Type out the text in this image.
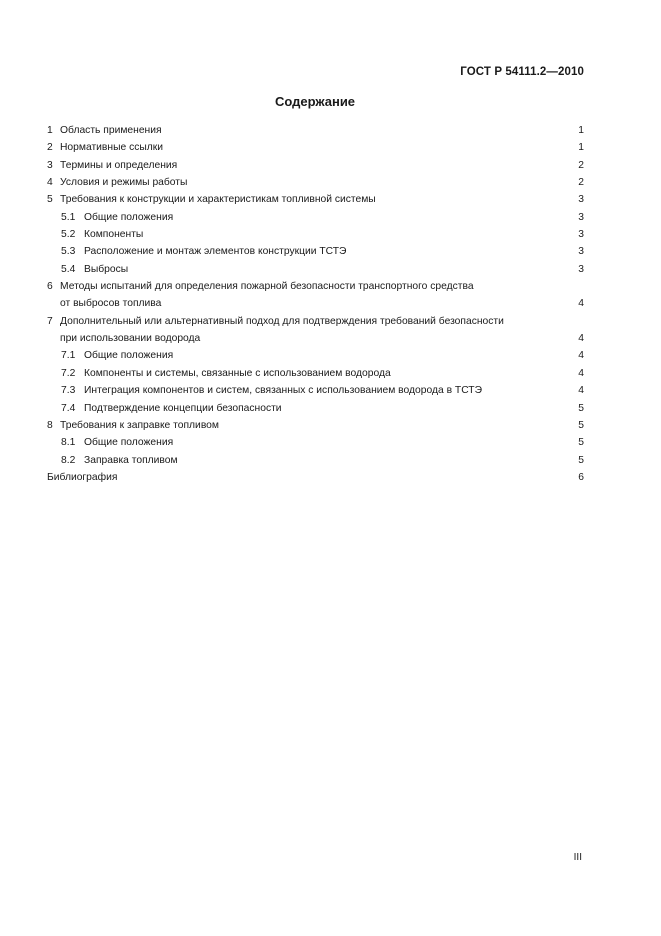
ГОСТ Р 54111.2—2010
Содержание
1 Область применения	1
2 Нормативные ссылки	1
3 Термины и определения	2
4 Условия и режимы работы	2
5 Требования к конструкции и характеристикам топливной системы	3
5.1 Общие положения	3
5.2 Компоненты	3
5.3 Расположение и монтаж элементов конструкции ТСТЭ	3
5.4 Выбросы	3
6 Методы испытаний для определения пожарной безопасности транспортного средства
от выбросов топлива	4
7 Дополнительный или альтернативный подход для подтверждения требований безопасности
при использовании водорода	4
7.1 Общие положения	4
7.2 Компоненты и системы, связанные с использованием водорода	4
7.3 Интеграция компонентов и систем, связанных с использованием водорода в ТСТЭ	4
7.4 Подтверждение концепции безопасности	5
8 Требования к заправке топливом	5
8.1 Общие положения	5
8.2 Заправка топливом	5
Библиография	6
III
